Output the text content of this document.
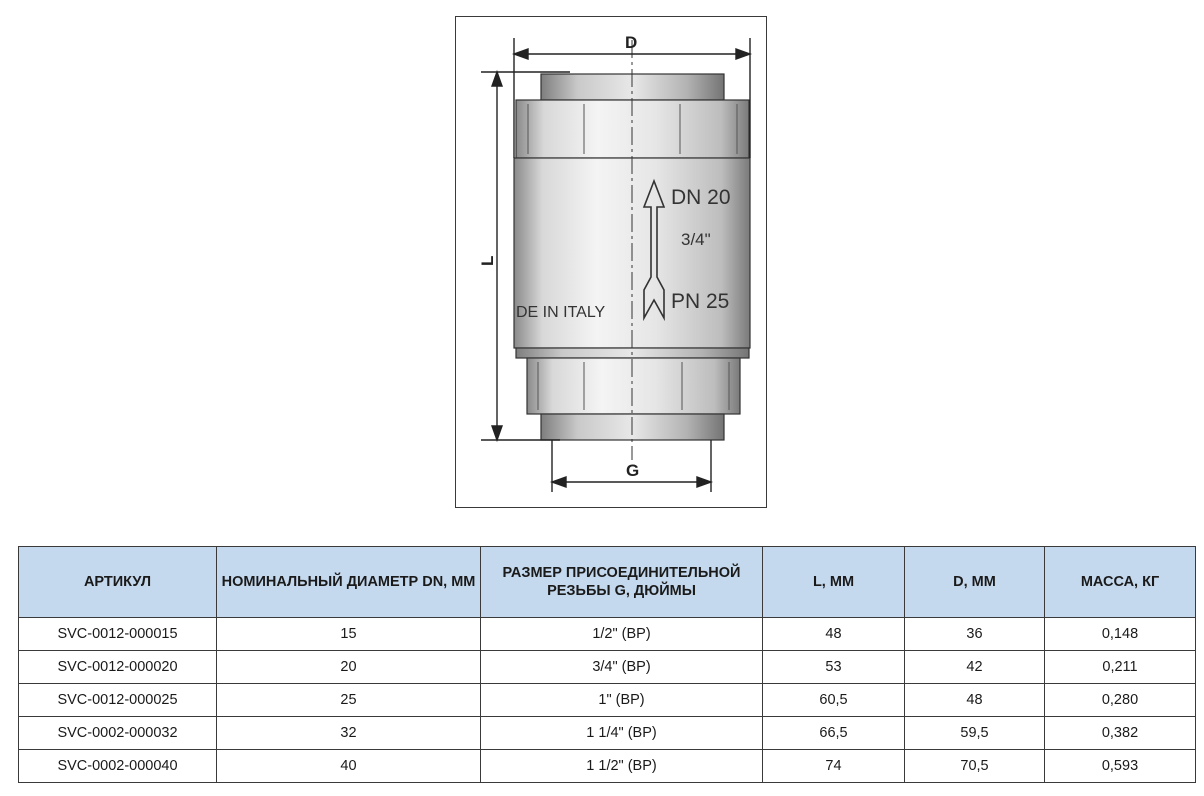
DN 20
3/4"
PN 25
DE IN ITALY
D
L
G
АРТИКУЛ	НОМИНАЛЬНЫЙ ДИАМЕТР DN, ММ	РАЗМЕР ПРИСОЕДИНИТЕЛЬНОЙ РЕЗЬБЫ G, ДЮЙМЫ	L, ММ	D, ММ	МАССА, КГ
SVC-0012-000015	15	1/2" (ВР)	48	36	0,148
SVC-0012-000020	20	3/4" (ВР)	53	42	0,211
SVC-0012-000025	25	1" (ВР)	60,5	48	0,280
SVC-0002-000032	32	1 1/4" (ВР)	66,5	59,5	0,382
SVC-0002-000040	40	1 1/2" (ВР)	74	70,5	0,593
